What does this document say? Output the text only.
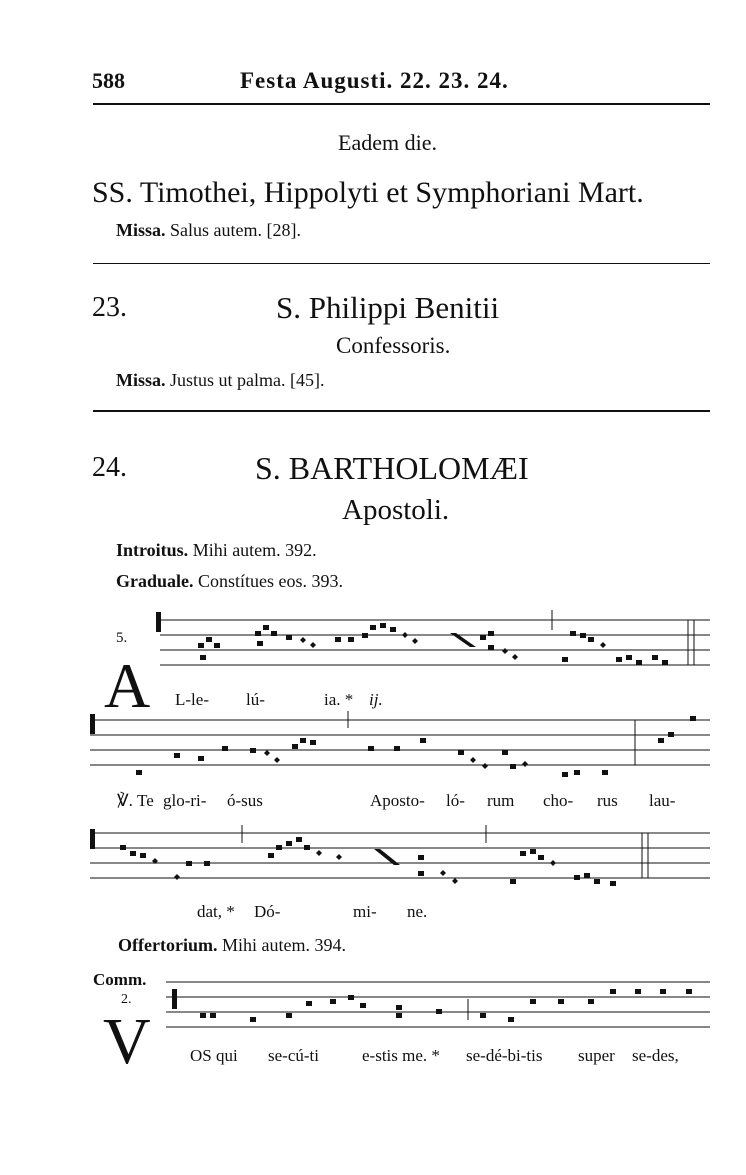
588	Festa Augusti. 22. 23. 24.
Eadem die.
SS. Timothei, Hippolyti et Symphoriani Mart.
Missa. Salus autem. [28].
23.	S. Philippi Benitii
Confessoris.
Missa. Justus ut palma. [45].
24.	S. BARTHOLOMÆI
Apostoli.
Introitus. Mihi autem. 392.
Graduale. Constítues eos. 393.
5.
A L-le- lú-	ia. * ij.
℣. Te glo-ri- ó-sus	Aposto- ló- rum cho- rus lau-
dat, * Dó-	mi- ne.
Offertorium. Mihi autem. 394.
Comm.
2.
V OS qui se-cú-ti	e-stis me. * se-dé-bi-tis super se-des,
